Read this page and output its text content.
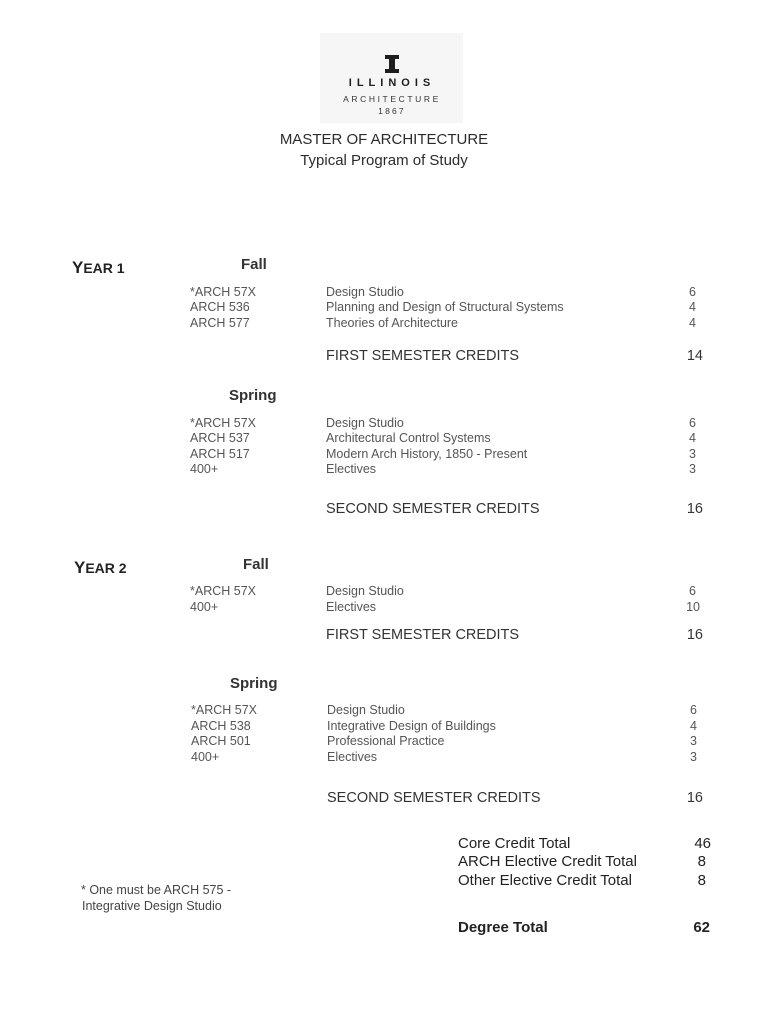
ILLINOIS
ARCHITECTURE
1867
MASTER OF ARCHITECTURE
Typical Program of Study
YEAR 1	Fall
*ARCH 57X	Design Studio	6
ARCH 536	Planning and Design of Structural Systems	4
ARCH 577	Theories of Architecture	4
FIRST SEMESTER CREDITS	14
Spring
*ARCH 57X	Design Studio	6
ARCH 537	Architectural Control Systems	4
ARCH 517	Modern Arch History, 1850 - Present	3
400+	Electives	3
SECOND SEMESTER CREDITS	16
YEAR 2	Fall
*ARCH 57X	Design Studio	6
400+	Electives	10
FIRST SEMESTER CREDITS	16
Spring
*ARCH 57X	Design Studio	6
ARCH 538	Integrative Design of Buildings	4
ARCH 501	Professional Practice	3
400+	Electives	3
SECOND SEMESTER CREDITS	16
Core Credit Total	46
ARCH Elective Credit Total	8
Other Elective Credit Total	8
Degree Total	62
* One must be ARCH 575 -
Integrative Design Studio
